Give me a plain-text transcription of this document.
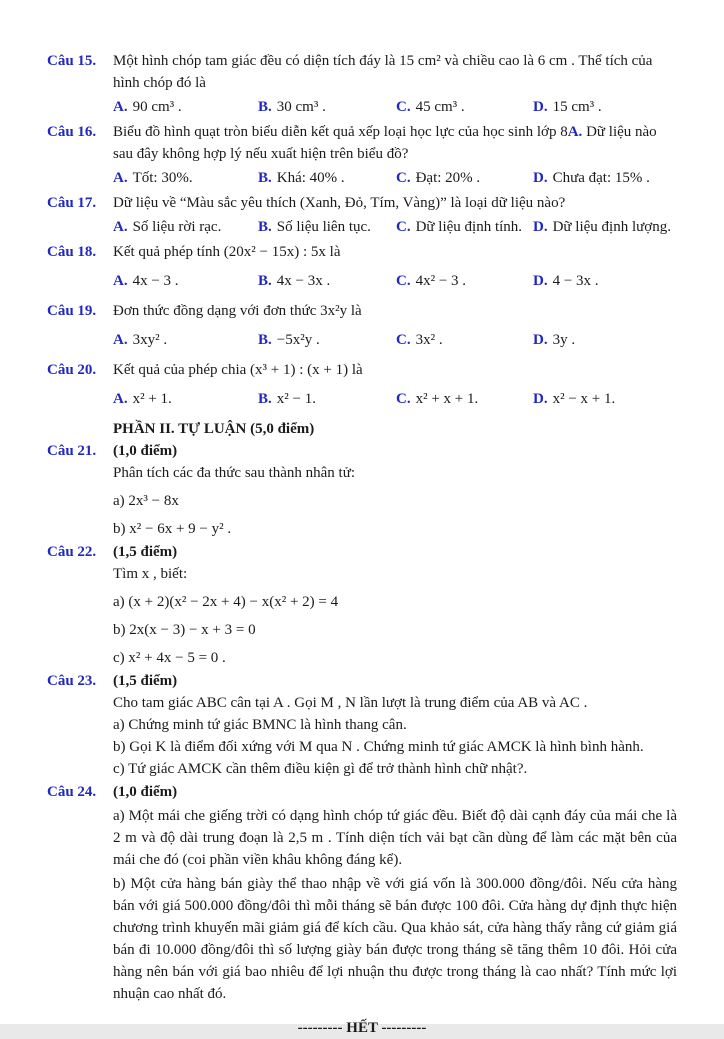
Câu 15.	Một hình chóp tam giác đều có diện tích đáy là 15 cm² và chiều cao là 6 cm . Thể tích của hình chóp đó là
A. 90 cm³ .	B. 30 cm³ .	C. 45 cm³ .	D. 15 cm³ .
Câu 16.	Biểu đồ hình quạt tròn biểu diễn kết quả xếp loại học lực của học sinh lớp 8A. Dữ liệu nào sau đây không hợp lý nếu xuất hiện trên biểu đồ?
A. Tốt: 30%.	B. Khá: 40% .	C. Đạt: 20% .	D. Chưa đạt: 15% .
Câu 17.	Dữ liệu về “Màu sắc yêu thích (Xanh, Đỏ, Tím, Vàng)” là loại dữ liệu nào?
A. Số liệu rời rạc.	B. Số liệu liên tục.	C. Dữ liệu định tính. D. Dữ liệu định lượng.
Câu 18.	Kết quả phép tính (20x² − 15x) : 5x là
A. 4x − 3 .	B. 4x − 3x .	C. 4x² − 3 .	D. 4 − 3x .
Câu 19.	Đơn thức đồng dạng với đơn thức 3x²y là
A. 3xy² .	B. −5x²y .	C. 3x² .	D. 3y .
Câu 20.	Kết quả của phép chia (x³ + 1) : (x + 1) là
A. x² + 1.	B. x² − 1.	C. x² + x + 1.	D. x² − x + 1.
PHẦN II. TỰ LUẬN (5,0 điểm)
Câu 21.	(1,0 điểm)
Phân tích các đa thức sau thành nhân tử:
a) 2x³ − 8x
b) x² − 6x + 9 − y² .
Câu 22.	(1,5 điểm)
Tìm x , biết:
a) (x + 2)(x² − 2x + 4) − x(x² + 2) = 4
b) 2x(x − 3) − x + 3 = 0
c) x² + 4x − 5 = 0 .
Câu 23.	(1,5 điểm)
Cho tam giác ABC cân tại A . Gọi M , N lần lượt là trung điểm của AB và AC .
a) Chứng minh tứ giác BMNC là hình thang cân.
b) Gọi K là điểm đối xứng với M qua N . Chứng minh tứ giác AMCK là hình bình hành.
c) Tứ giác AMCK cần thêm điều kiện gì để trở thành hình chữ nhật?.
Câu 24.	(1,0 điểm)
a) Một mái che giếng trời có dạng hình chóp tứ giác đều. Biết độ dài cạnh đáy của mái che là 2 m và độ dài trung đoạn là 2,5 m . Tính diện tích vải bạt cần dùng để làm các mặt bên của mái che đó (coi phần viền khâu không đáng kể).
b) Một cửa hàng bán giày thể thao nhập về với giá vốn là 300.000 đồng/đôi. Nếu cửa hàng bán với giá 500.000 đồng/đôi thì mỗi tháng sẽ bán được 100 đôi. Cửa hàng dự định thực hiện chương trình khuyến mãi giảm giá để kích cầu. Qua khảo sát, cửa hàng thấy rằng cứ giảm giá bán đi 10.000 đồng/đôi thì số lượng giày bán được trong tháng sẽ tăng thêm 10 đôi. Hỏi cửa hàng nên bán với giá bao nhiêu để lợi nhuận thu được trong tháng là cao nhất? Tính mức lợi nhuận cao nhất đó.
--------- HẾT ---------
